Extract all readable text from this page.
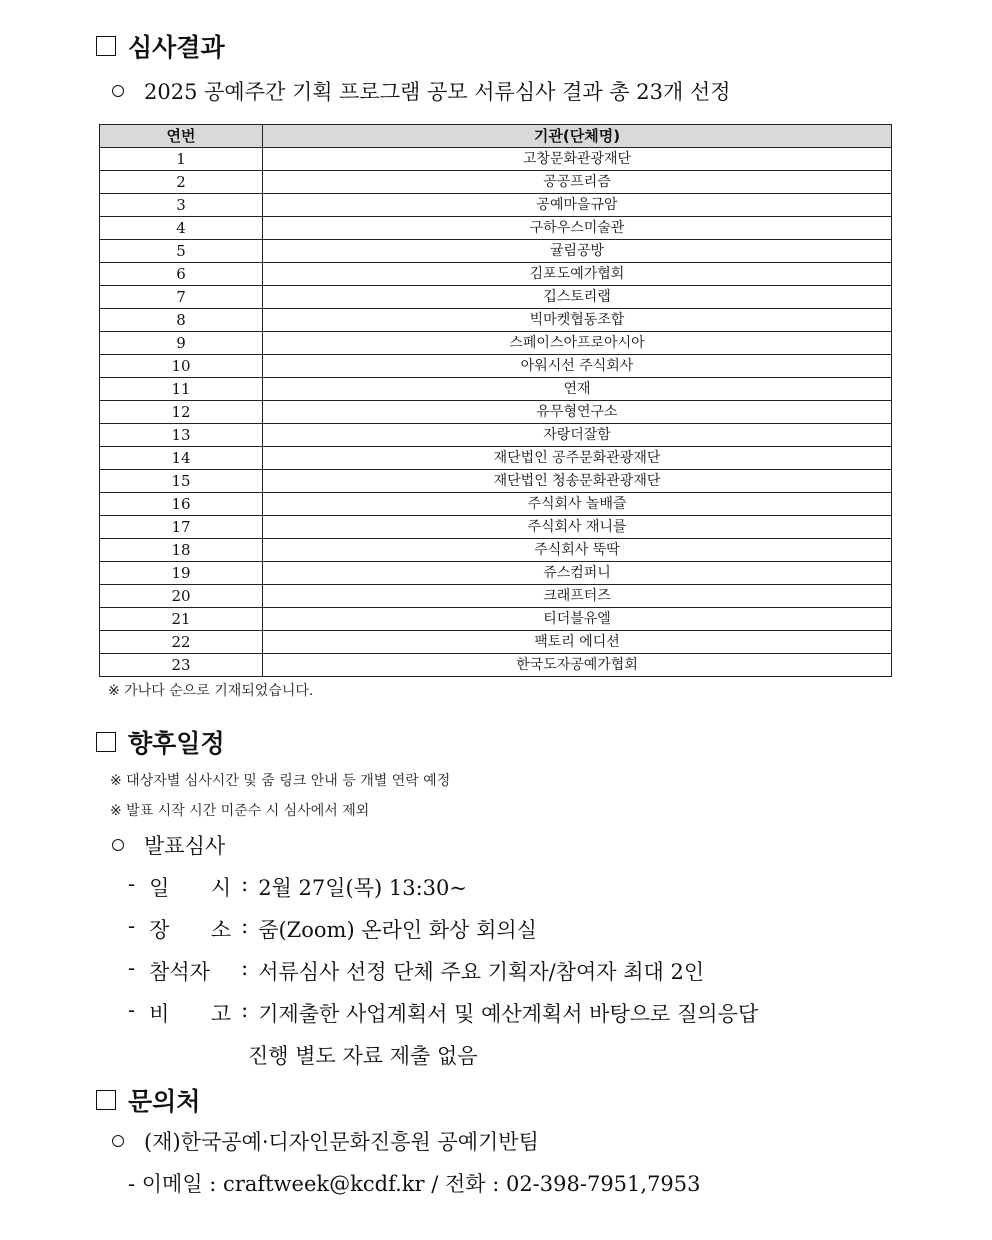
심사결과
2025 공예주간 기획 프로그램 공모 서류심사 결과 총 23개 선정
연번	기관(단체명)
1	고창문화관광재단
2	공공프리즘
3	공예마을규암
4	구하우스미술관
5	귤림공방
6	김포도예가협회
7	깁스토리랩
8	빅마켓협동조합
9	스페이스아프로아시아
10	아워시선 주식회사
11	연재
12	유무형연구소
13	자랑더잘함
14	재단법인 공주문화관광재단
15	재단법인 청송문화관광재단
16	주식회사 놀배즐
17	주식회사 재니를
18	주식회사 뚝딱
19	쥬스컴퍼니
20	크래프터즈
21	티더블유엘
22	팩토리 에디션
23	한국도자공예가협회
※ 가나다 순으로 기재되었습니다.
향후일정
※ 대상자별 심사시간 및 줌 링크 안내 등 개별 연락 예정
※ 발표 시작 시간 미준수 시 심사에서 제외
발표심사
- 일 시 : 2월 27일(목) 13:30~
- 장 소 : 줌(Zoom) 온라인 화상 회의실
- 참석자	: 서류심사 선정 단체 주요 기획자/참여자 최대 2인
- 비 고 : 기제출한 사업계획서 및 예산계획서 바탕으로 질의응답
진행 별도 자료 제출 없음
문의처
(재)한국공예·디자인문화진흥원 공예기반팀
- 이메일 : craftweek@kcdf.kr / 전화 : 02-398-7951,7953
